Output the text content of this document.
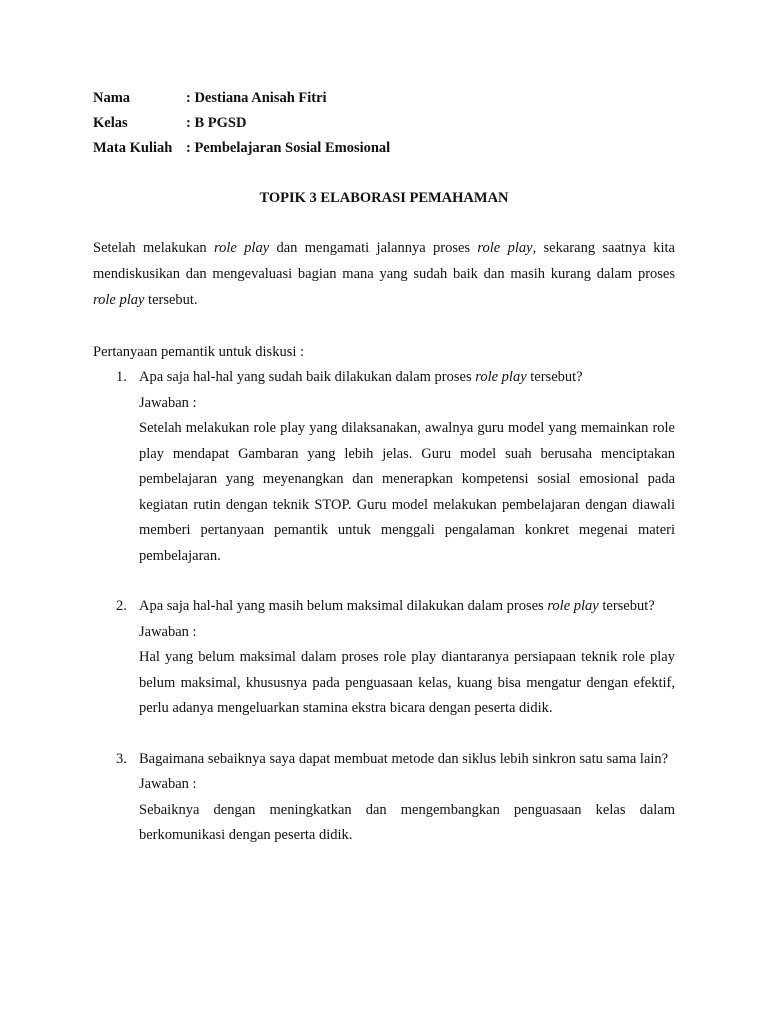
Nama	: Destiana Anisah Fitri
Kelas	: B PGSD
Mata Kuliah : Pembelajaran Sosial Emosional
TOPIK 3 ELABORASI PEMAHAMAN

Setelah melakukan role play dan mengamati jalannya proses role play, sekarang saatnya kita mendiskusikan dan mengevaluasi bagian mana yang sudah baik dan masih kurang dalam proses role play tersebut.

Pertanyaan pemantik untuk diskusi :

1. Apa saja hal-hal yang sudah baik dilakukan dalam proses role play tersebut?

Jawaban :

Setelah melakukan role play yang dilaksanakan, awalnya guru model yang memainkan role play mendapat Gambaran yang lebih jelas. Guru model suah berusaha menciptakan pembelajaran yang meyenangkan dan menerapkan kompetensi sosial emosional pada kegiatan rutin dengan teknik STOP. Guru model melakukan pembelajaran dengan diawali memberi pertanyaan pemantik untuk menggali pengalaman konkret megenai materi pembelajaran.

2. Apa saja hal-hal yang masih belum maksimal dilakukan dalam proses role play tersebut?

Jawaban :

Hal yang belum maksimal dalam proses role play diantaranya persiapaan teknik role play belum maksimal, khususnya pada penguasaan kelas, kuang bisa mengatur dengan efektif, perlu adanya mengeluarkan stamina ekstra bicara dengan peserta didik.

3. Bagaimana sebaiknya saya dapat membuat metode dan siklus lebih sinkron satu sama lain?

Jawaban :

Sebaiknya dengan meningkatkan dan mengembangkan penguasaan kelas dalam berkomunikasi dengan peserta didik.
